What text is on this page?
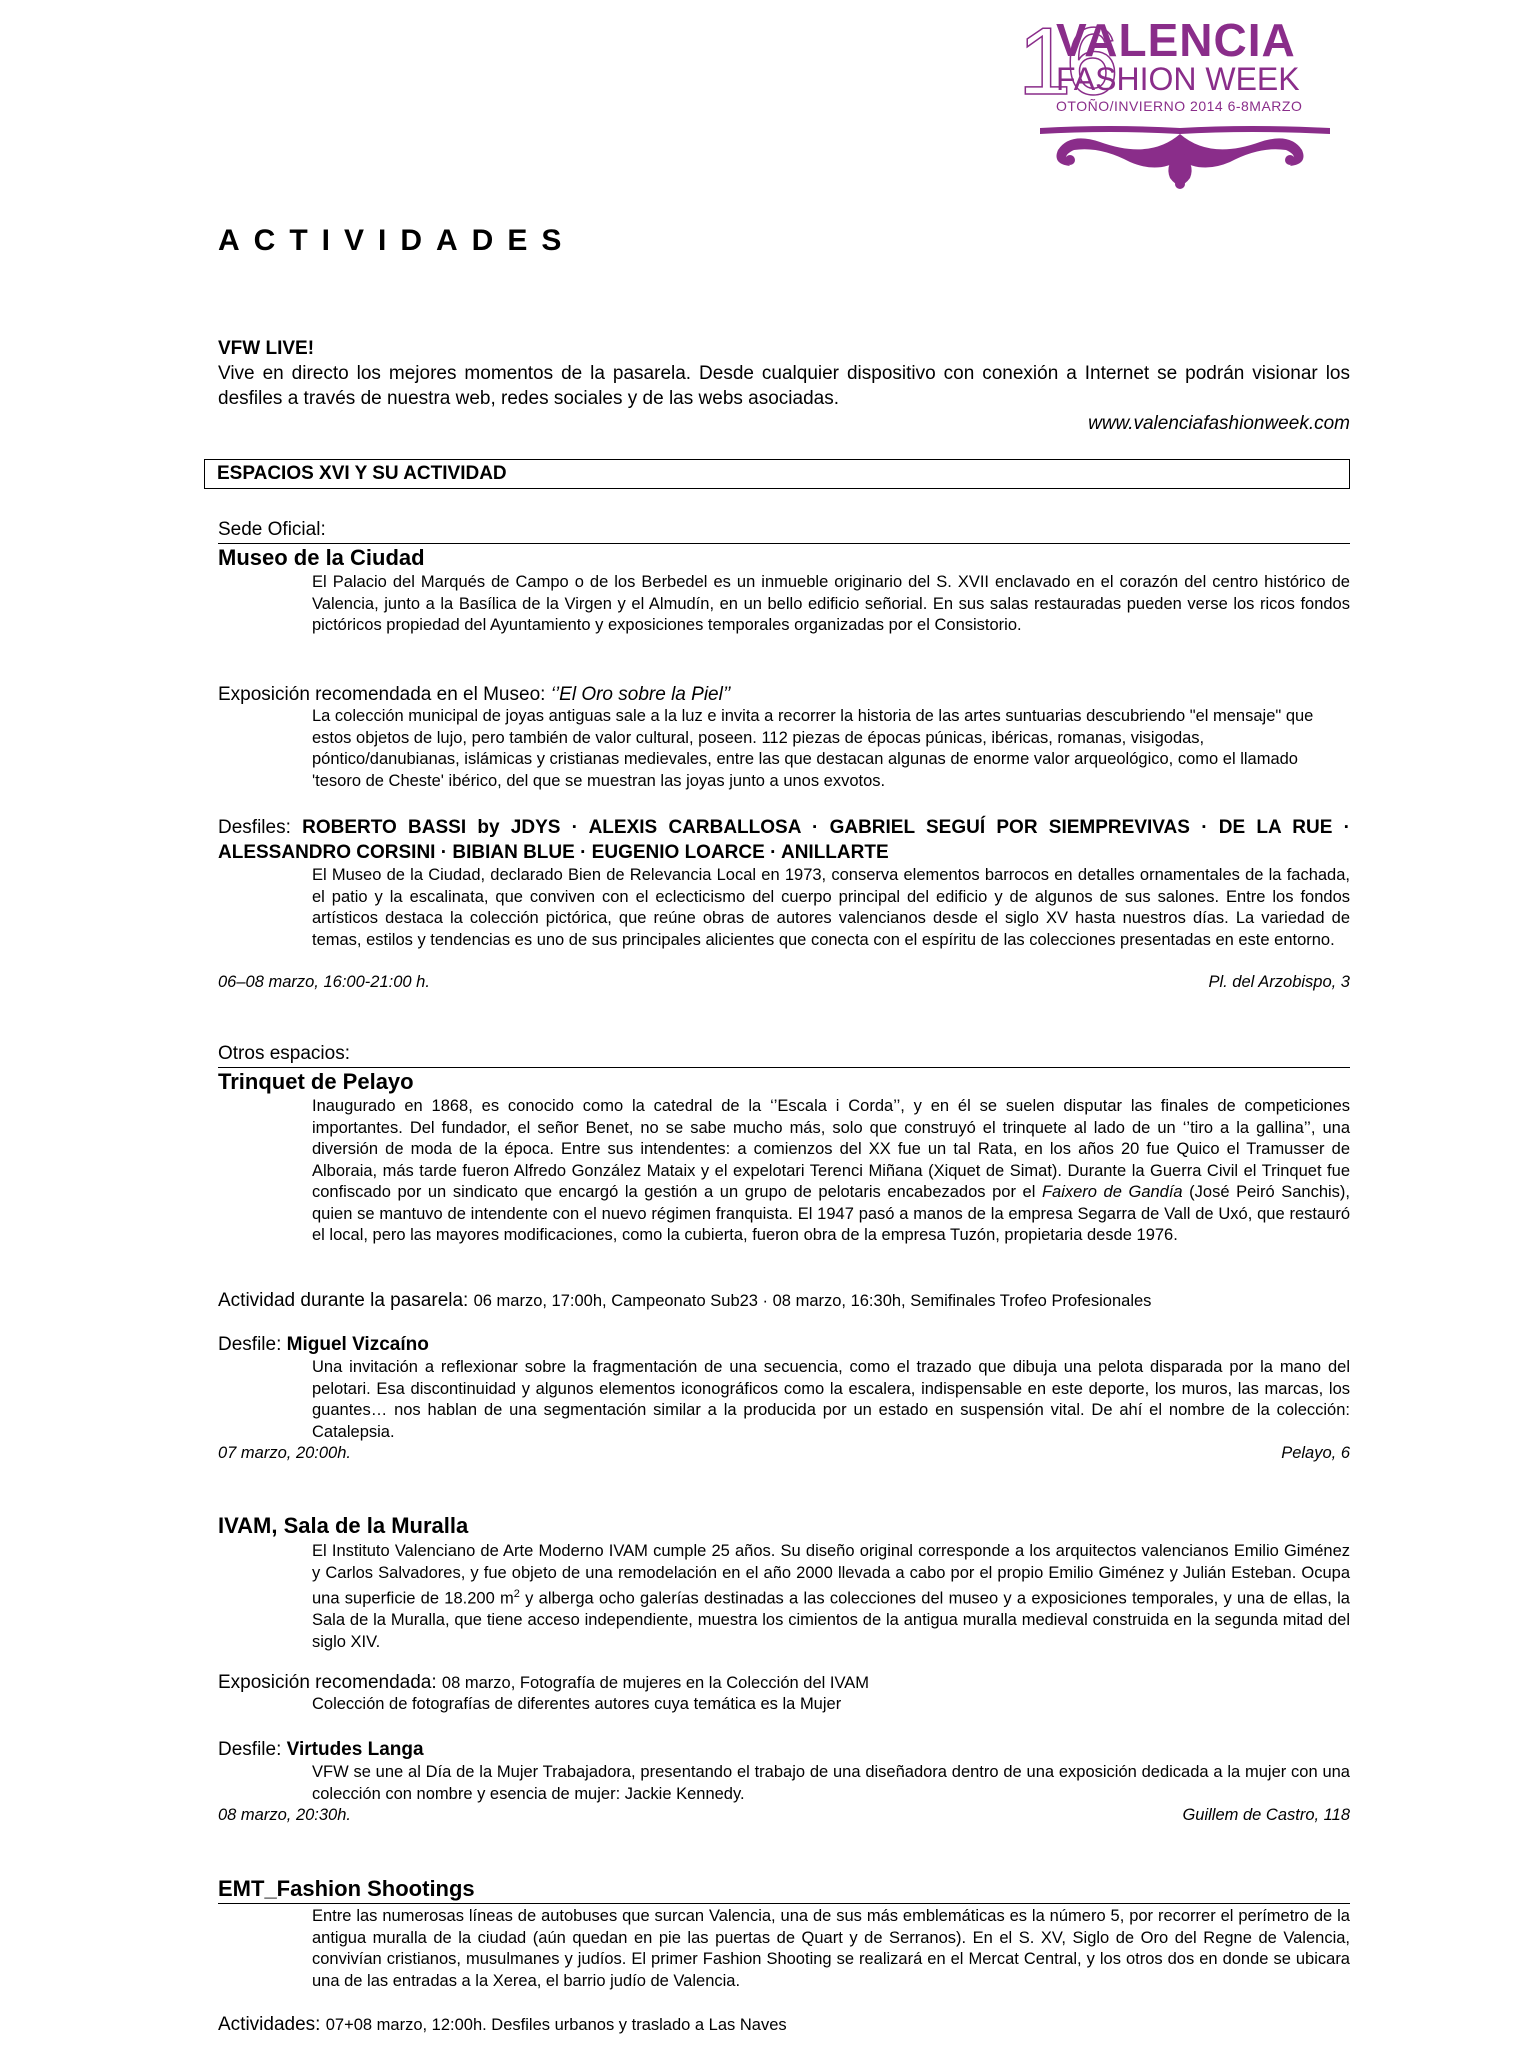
16
VALENCIA
FASHION WEEK
OTOÑO/INVIERNO 2014 6-8MARZO
ACTIVIDADES
VFW LIVE!
Vive en directo los mejores momentos de la pasarela. Desde cualquier dispositivo con conexión a Internet se podrán visionar los desfiles a través de nuestra web, redes sociales y de las webs asociadas.
www.valenciafashionweek.com
ESPACIOS XVI Y SU ACTIVIDAD
Sede Oficial:
Museo de la Ciudad
El Palacio del Marqués de Campo o de los Berbedel es un inmueble originario del S. XVII enclavado en el corazón del centro histórico de Valencia, junto a la Basílica de la Virgen y el Almudín, en un bello edificio señorial. En sus salas restauradas pueden verse los ricos fondos pictóricos propiedad del Ayuntamiento y exposiciones temporales organizadas por el Consistorio.
Exposición recomendada en el Museo: ‘’El Oro sobre la Piel’’
La colección municipal de joyas antiguas sale a la luz e invita a recorrer la historia de las artes suntuarias descubriendo "el mensaje" que estos objetos de lujo, pero también de valor cultural, poseen. 112 piezas de épocas púnicas, ibéricas, romanas, visigodas, póntico/danubianas, islámicas y cristianas medievales, entre las que destacan algunas de enorme valor arqueológico, como el llamado 'tesoro de Cheste' ibérico, del que se muestran las joyas junto a unos exvotos.
Desfiles: ROBERTO BASSI by JDYS · ALEXIS CARBALLOSA · GABRIEL SEGUÍ POR SIEMPREVIVAS · DE LA RUE · ALESSANDRO CORSINI · BIBIAN BLUE · EUGENIO LOARCE · ANILLARTE
El Museo de la Ciudad, declarado Bien de Relevancia Local en 1973, conserva elementos barrocos en detalles ornamentales de la fachada, el patio y la escalinata, que conviven con el eclecticismo del cuerpo principal del edificio y de algunos de sus salones. Entre los fondos artísticos destaca la colección pictórica, que reúne obras de autores valencianos desde el siglo XV hasta nuestros días. La variedad de temas, estilos y tendencias es uno de sus principales alicientes que conecta con el espíritu de las colecciones presentadas en este entorno.
06–08 marzo, 16:00-21:00 h.	Pl. del Arzobispo, 3
Otros espacios:
Trinquet de Pelayo
Inaugurado en 1868, es conocido como la catedral de la ‘’Escala i Corda’’, y en él se suelen disputar las finales de competiciones importantes. Del fundador, el señor Benet, no se sabe mucho más, solo que construyó el trinquete al lado de un ‘’tiro a la gallina’’, una diversión de moda de la época. Entre sus intendentes: a comienzos del XX fue un tal Rata, en los años 20 fue Quico el Tramusser de Alboraia, más tarde fueron Alfredo González Mataix y el expelotari Terenci Miñana (Xiquet de Simat). Durante la Guerra Civil el Trinquet fue confiscado por un sindicato que encargó la gestión a un grupo de pelotaris encabezados por el Faixero de Gandía (José Peiró Sanchis), quien se mantuvo de intendente con el nuevo régimen franquista. El 1947 pasó a manos de la empresa Segarra de Vall de Uxó, que restauró el local, pero las mayores modificaciones, como la cubierta, fueron obra de la empresa Tuzón, propietaria desde 1976.
Actividad durante la pasarela: 06 marzo, 17:00h, Campeonato Sub23 · 08 marzo, 16:30h, Semifinales Trofeo Profesionales
Desfile: Miguel Vizcaíno
Una invitación a reflexionar sobre la fragmentación de una secuencia, como el trazado que dibuja una pelota disparada por la mano del pelotari. Esa discontinuidad y algunos elementos iconográficos como la escalera, indispensable en este deporte, los muros, las marcas, los guantes… nos hablan de una segmentación similar a la producida por un estado en suspensión vital. De ahí el nombre de la colección: Catalepsia.
07 marzo, 20:00h.	Pelayo, 6
IVAM, Sala de la Muralla
El Instituto Valenciano de Arte Moderno IVAM cumple 25 años. Su diseño original corresponde a los arquitectos valencianos Emilio Giménez y Carlos Salvadores, y fue objeto de una remodelación en el año 2000 llevada a cabo por el propio Emilio Giménez y Julián Esteban. Ocupa una superficie de 18.200 $m^2$ y alberga ocho galerías destinadas a las colecciones del museo y a exposiciones temporales, y una de ellas, la Sala de la Muralla, que tiene acceso independiente, muestra los cimientos de la antigua muralla medieval construida en la segunda mitad del siglo XIV.
Exposición recomendada: 08 marzo, Fotografía de mujeres en la Colección del IVAM
Colección de fotografías de diferentes autores cuya temática es la Mujer
Desfile: Virtudes Langa
VFW se une al Día de la Mujer Trabajadora, presentando el trabajo de una diseñadora dentro de una exposición dedicada a la mujer con una colección con nombre y esencia de mujer: Jackie Kennedy.
08 marzo, 20:30h.	Guillem de Castro, 118
EMT_Fashion Shootings
Entre las numerosas líneas de autobuses que surcan Valencia, una de sus más emblemáticas es la número 5, por recorrer el perímetro de la antigua muralla de la ciudad (aún quedan en pie las puertas de Quart y de Serranos). En el S. XV, Siglo de Oro del Regne de Valencia, convivían cristianos, musulmanes y judíos. El primer Fashion Shooting se realizará en el Mercat Central, y los otros dos en donde se ubicara una de las entradas a la Xerea, el barrio judío de Valencia.
Actividades: 07+08 marzo, 12:00h. Desfiles urbanos y traslado a Las Naves
